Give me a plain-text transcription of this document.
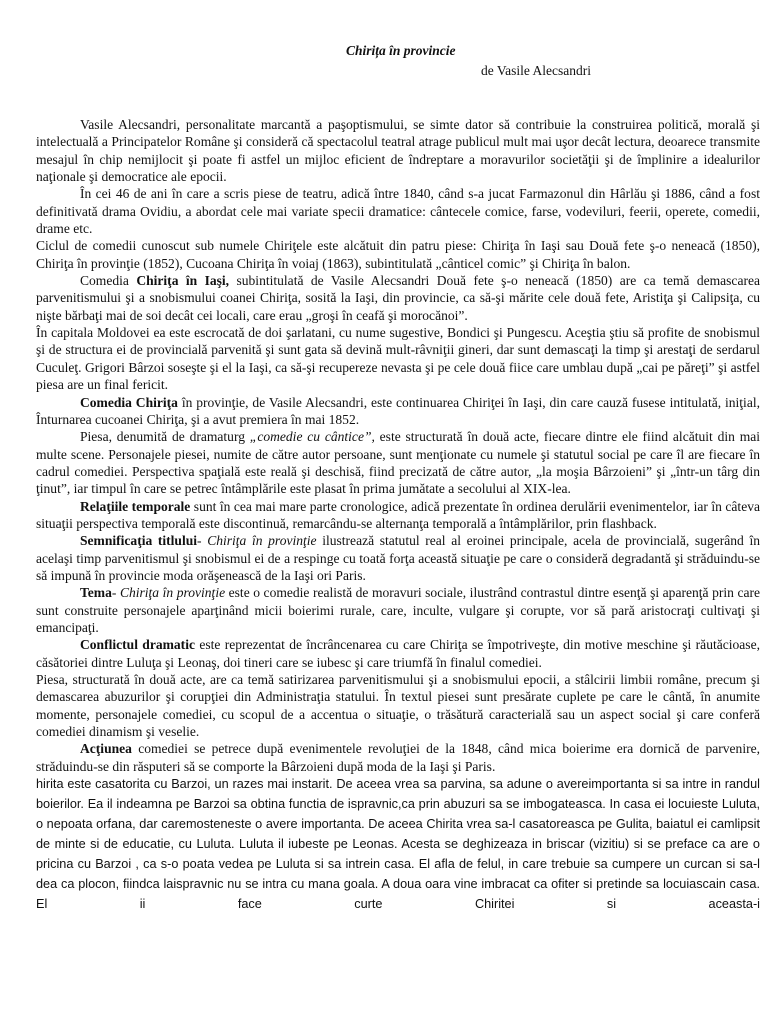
Chirița în provincie
de Vasile Alecsandri

Vasile Alecsandri, personalitate marcantă a paşoptismului, se simte dator să contribuie la construirea politică, morală şi intelectuală a Principatelor Române şi consideră că spectacolul teatral atrage publicul mult mai uşor decât lectura, deoarece transmite mesajul în chip nemijlocit şi poate fi astfel un mijloc eficient de îndreptare a moravurilor societăţii şi de împlinire a idealurilor naţionale şi democratice ale epocii.

În cei 46 de ani în care a scris piese de teatru, adică între 1840, când s-a jucat Farmazonul din Hârlău şi 1886, când a fost definitivată drama Ovidiu, a abordat cele mai variate specii dramatice: cântecele comice, farse, vodeviluri, feerii, operete, comedii, drame etc.

Ciclul de comedii cunoscut sub numele Chiriţele este alcătuit din patru piese: Chiriţa în Iaşi sau Două fete ş-o neneacă (1850), Chiriţa în provinţie (1852), Cucoana Chiriţa în voiaj (1863), subintitulată „cânticel comic” şi Chiriţa în balon.

Comedia Chiriţa în Iaşi, subintitulată de Vasile Alecsandri Două fete ş-o neneacă (1850) are ca temă demascarea parvenitismului şi a snobismului coanei Chiriţa, sosită la Iaşi, din provincie, ca să-şi mărite cele două fete, Aristiţa şi Calipsiţa, cu nişte bărbaţi mai de soi decât cei locali, care erau „groşi în ceafă şi morocănoi”.

În capitala Moldovei ea este escrocată de doi şarlatani, cu nume sugestive, Bondici şi Pungescu. Aceştia ştiu să profite de snobismul şi de structura ei de provincială parvenită şi sunt gata să devină mult-râvniţii gineri, dar sunt demascaţi la timp şi arestaţi de serdarul Cuculeţ. Grigori Bârzoi soseşte şi el la Iaşi, ca să-şi recupereze nevasta şi pe cele două fiice care umblau după „cai pe păreţi” şi astfel piesa are un final fericit.

Comedia Chiriţa în provinţie, de Vasile Alecsandri, este continuarea Chiriţei în Iaşi, din care cauză fusese intitulată, iniţial, Înturnarea cucoanei Chiriţa, şi a avut premiera în mai 1852.

Piesa, denumită de dramaturg „comedie cu cântice”, este structurată în două acte, fiecare dintre ele fiind alcătuit din mai multe scene. Personajele piesei, numite de către autor persoane, sunt menţionate cu numele şi statutul social pe care îl are fiecare în cadrul comediei. Perspectiva spaţială este reală şi deschisă, fiind precizată de către autor, „la moşia Bârzoieni” şi „într-un târg din ţinut”, iar timpul în care se petrec întâmplările este plasat în prima jumătate a secolului al XIX-lea.

Relaţiile temporale sunt în cea mai mare parte cronologice, adică prezentate în ordinea derulării evenimentelor, iar în câteva situaţii perspectiva temporală este discontinuă, remarcându-se alternanţa temporală a întâmplărilor, prin flashback.

Semnificaţia titlului- Chiriţa în provinţie ilustrează statutul real al eroinei principale, acela de provincială, sugerând în acelaşi timp parvenitismul şi snobismul ei de a respinge cu toată forţa această situaţie pe care o consideră degradantă şi străduindu-se să impună în provincie moda orăşenească de la Iaşi ori Paris.

Tema- Chiriţa în provinţie este o comedie realistă de moravuri sociale, ilustrând contrastul dintre esenţă şi aparenţă prin care sunt construite personajele aparţinând micii boierimi rurale, care, inculte, vulgare şi corupte, vor să pară aristocraţi cultivaţi şi emancipaţi.

Conflictul dramatic este reprezentat de încrâncenarea cu care Chiriţa se împotriveşte, din motive meschine şi răutăcioase, căsătoriei dintre Luluţa şi Leonaş, doi tineri care se iubesc şi care triumfă în finalul comediei.

Piesa, structurată în două acte, are ca temă satirizarea parvenitismului şi a snobismului epocii, a stâlcirii limbii române, precum şi demascarea abuzurilor şi corupţiei din Administraţia statului. În textul piesei sunt presărate cuplete pe care le cântă, în anumite momente, personajele comediei, cu scopul de a accentua o situaţie, o trăsătură caracterială sau un aspect social şi care conferă comediei dinamism şi veselie.

Acţiunea comediei se petrece după evenimentele revoluţiei de la 1848, când mica boierime era dornică de parvenire, străduindu-se din răsputeri să se comporte la Bârzoieni după moda de la Iaşi şi Paris.

hirita este casatorita cu Barzoi, un razes mai instarit. De aceea vrea sa parvina, sa adune o avereimportanta si sa intre in randul boierilor. Ea il indeamna pe Barzoi sa obtina functia de ispravnic,ca prin abuzuri sa se imbogateasca. In casa ei locuieste Luluta, o nepoata orfana, dar caremosteneste o avere importanta. De aceea Chirita vrea sa-l casatoreasca pe Gulita, baiatul ei camlipsit de minte si de educatie, cu Luluta. Luluta il iubeste pe Leonas. Acesta se deghizeaza in briscar (vizitiu) si se preface ca are o pricina cu Barzoi , ca s-o poata vedea pe Luluta si sa intrein casa. El afla de felul, in care trebuie sa cumpere un curcan si sa-l dea ca plocon, fiindca laispravnic nu se intra cu mana goala. A doua oara vine imbracat ca ofiter si pretinde sa locuiascain casa. El ii face curte Chiritei si aceasta-i
